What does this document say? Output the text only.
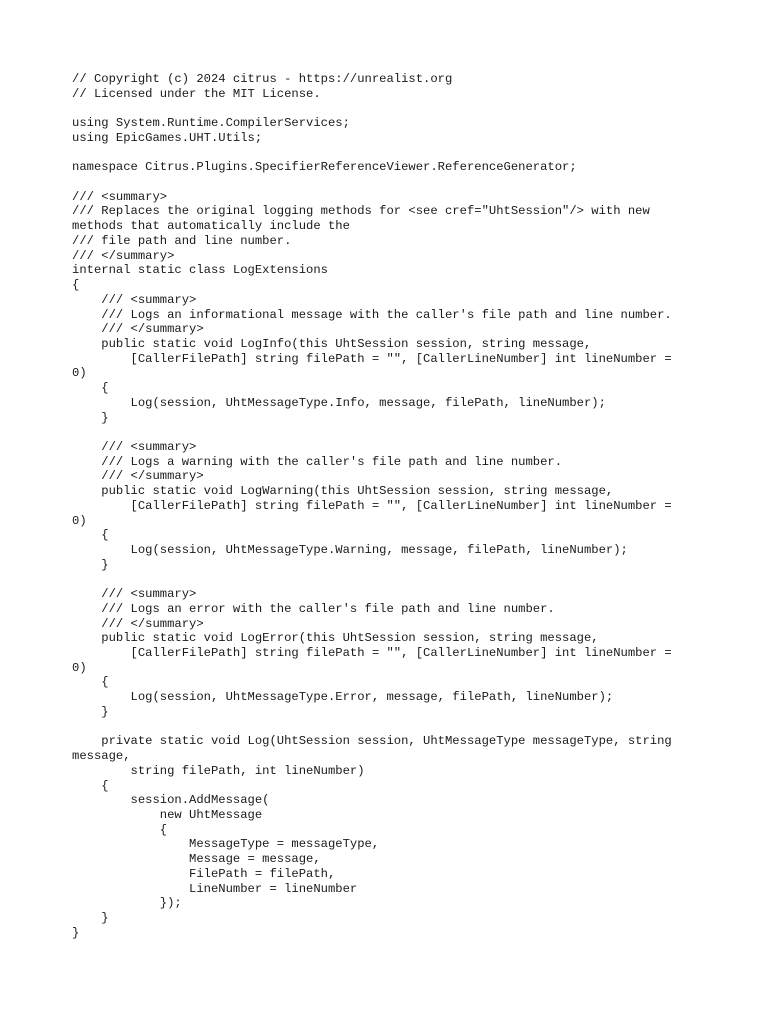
// Copyright (c) 2024 citrus - https://unrealist.org
// Licensed under the MIT License.
using System.Runtime.CompilerServices;
using EpicGames.UHT.Utils;
namespace Citrus.Plugins.SpecifierReferenceViewer.ReferenceGenerator;
/// <summary>
/// Replaces the original logging methods for <see cref="UhtSession"/> with new
methods that automatically include the
/// file path and line number.
/// </summary>
internal static class LogExtensions
{
/// <summary>
/// Logs an informational message with the caller's file path and line number.
/// </summary>
public static void LogInfo(this UhtSession session, string message,
[CallerFilePath] string filePath = "", [CallerLineNumber] int lineNumber =
0)
{
Log(session, UhtMessageType.Info, message, filePath, lineNumber);
}
/// <summary>
/// Logs a warning with the caller's file path and line number.
/// </summary>
public static void LogWarning(this UhtSession session, string message,
[CallerFilePath] string filePath = "", [CallerLineNumber] int lineNumber =
0)
{
Log(session, UhtMessageType.Warning, message, filePath, lineNumber);
}
/// <summary>
/// Logs an error with the caller's file path and line number.
/// </summary>
public static void LogError(this UhtSession session, string message,
[CallerFilePath] string filePath = "", [CallerLineNumber] int lineNumber =
0)
{
Log(session, UhtMessageType.Error, message, filePath, lineNumber);
}
private static void Log(UhtSession session, UhtMessageType messageType, string
message,
string filePath, int lineNumber)
{
session.AddMessage(
new UhtMessage
{
MessageType = messageType,
Message = message,
FilePath = filePath,
LineNumber = lineNumber
});
}
}
